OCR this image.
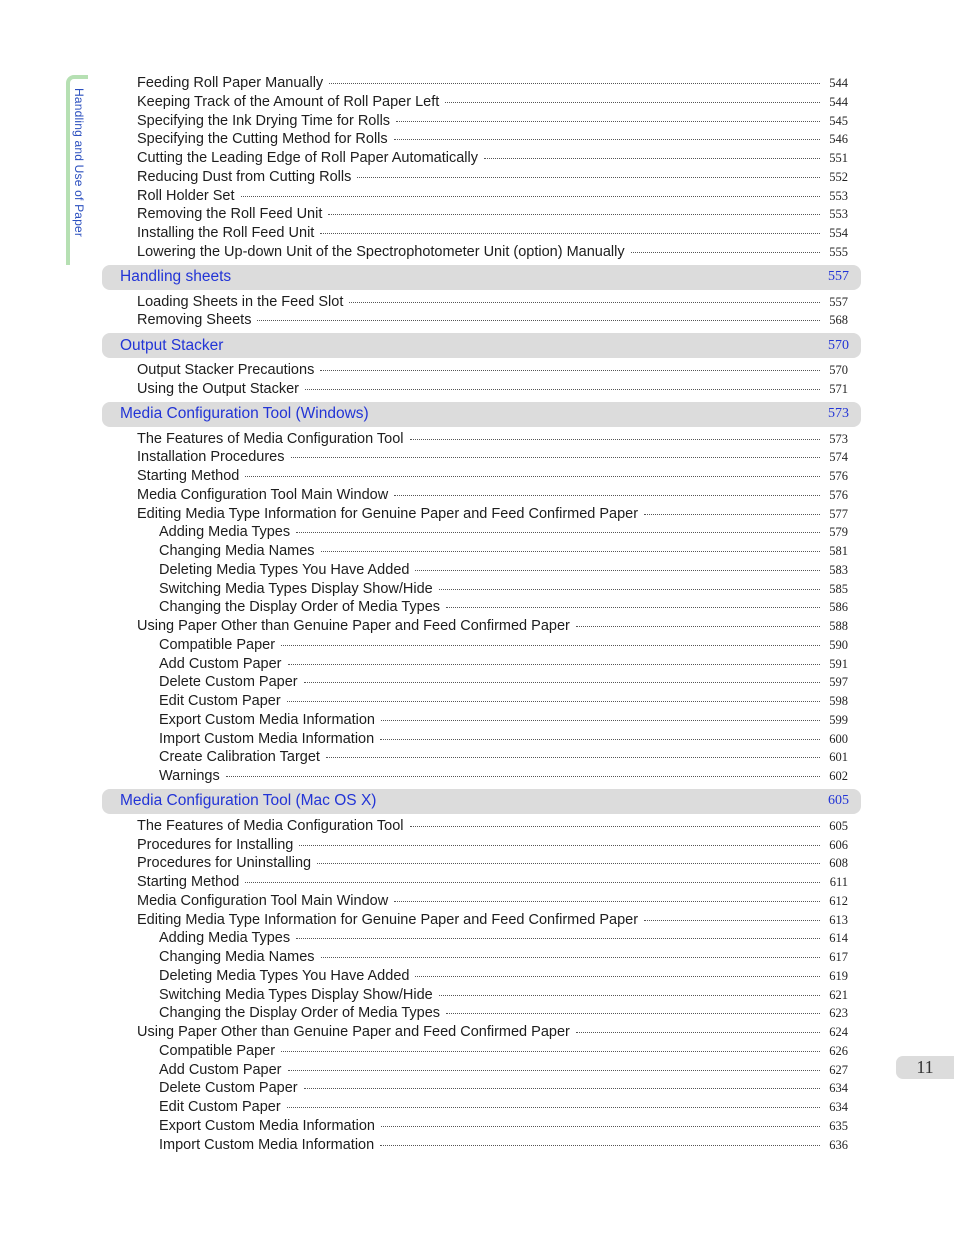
Handling and Use of Paper
Feeding Roll Paper Manually	544
Keeping Track of the Amount of Roll Paper Left	544
Specifying the Ink Drying Time for Rolls	545
Specifying the Cutting Method for Rolls	546
Cutting the Leading Edge of Roll Paper Automatically	551
Reducing Dust from Cutting Rolls	552
Roll Holder Set	553
Removing the Roll Feed Unit	553
Installing the Roll Feed Unit	554
Lowering the Up-down Unit of the Spectrophotometer Unit (option) Manually	555
Handling sheets	557
Loading Sheets in the Feed Slot	557
Removing Sheets	568
Output Stacker	570
Output Stacker Precautions	570
Using the Output Stacker	571
Media Configuration Tool (Windows)	573
The Features of Media Configuration Tool	573
Installation Procedures	574
Starting Method	576
Media Configuration Tool Main Window	576
Editing Media Type Information for Genuine Paper and Feed Confirmed Paper	577
Adding Media Types	579
Changing Media Names	581
Deleting Media Types You Have Added	583
Switching Media Types Display Show/Hide	585
Changing the Display Order of Media Types	586
Using Paper Other than Genuine Paper and Feed Confirmed Paper	588
Compatible Paper	590
Add Custom Paper	591
Delete Custom Paper	597
Edit Custom Paper	598
Export Custom Media Information	599
Import Custom Media Information	600
Create Calibration Target	601
Warnings	602
Media Configuration Tool (Mac OS X)	605
The Features of Media Configuration Tool	605
Procedures for Installing	606
Procedures for Uninstalling	608
Starting Method	611
Media Configuration Tool Main Window	612
Editing Media Type Information for Genuine Paper and Feed Confirmed Paper	613
Adding Media Types	614
Changing Media Names	617
Deleting Media Types You Have Added	619
Switching Media Types Display Show/Hide	621
Changing the Display Order of Media Types	623
Using Paper Other than Genuine Paper and Feed Confirmed Paper	624
Compatible Paper	626
Add Custom Paper	627
Delete Custom Paper	634
Edit Custom Paper	634
Export Custom Media Information	635
Import Custom Media Information	636
11
